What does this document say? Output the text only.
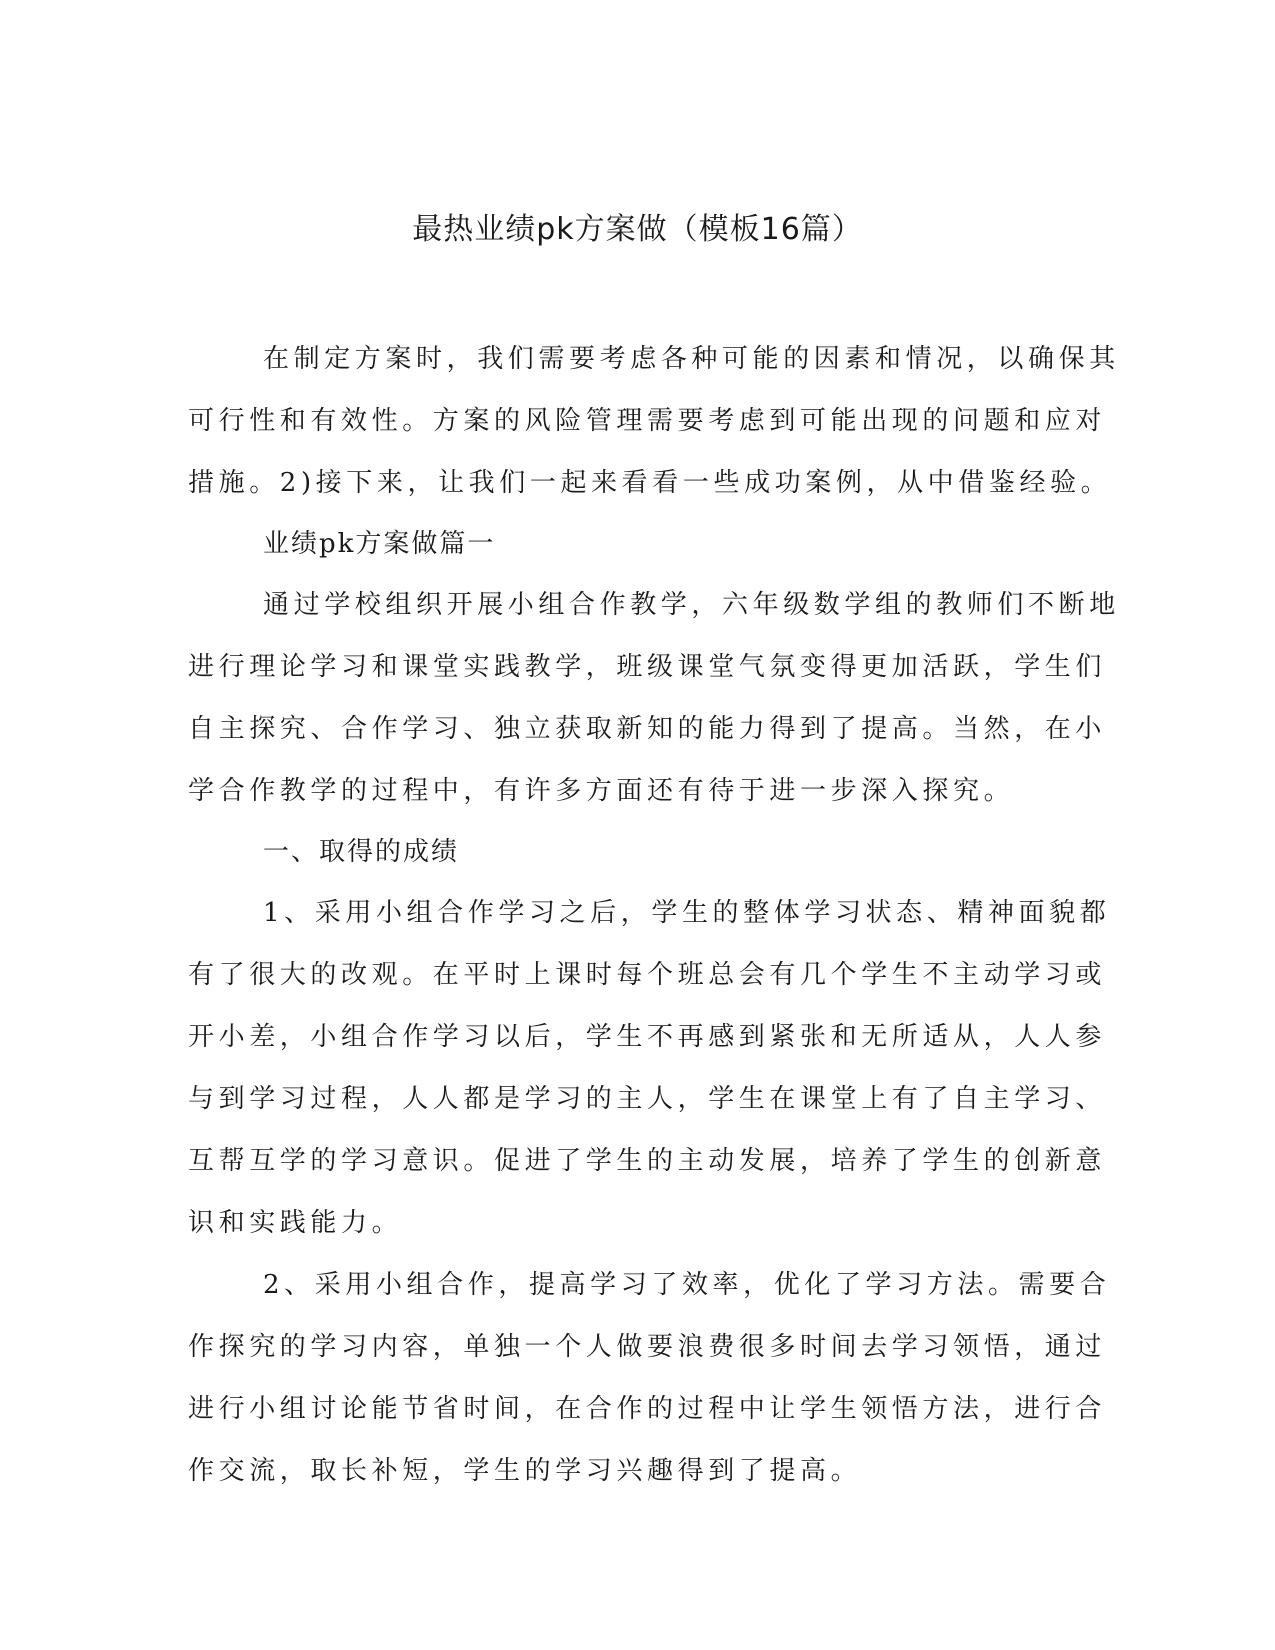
最热业绩pk方案做（模板16篇）
在制定方案时，我们需要考虑各种可能的因素和情况，以确保其
可行性和有效性。方案的风险管理需要考虑到可能出现的问题和应对
措施。2)接下来，让我们一起来看看一些成功案例，从中借鉴经验。
业绩pk方案做篇一
通过学校组织开展小组合作教学，六年级数学组的教师们不断地
进行理论学习和课堂实践教学，班级课堂气氛变得更加活跃，学生们
自主探究、合作学习、独立获取新知的能力得到了提高。当然，在小
学合作教学的过程中，有许多方面还有待于进一步深入探究。
一、取得的成绩
1、采用小组合作学习之后，学生的整体学习状态、精神面貌都
有了很大的改观。在平时上课时每个班总会有几个学生不主动学习或
开小差，小组合作学习以后，学生不再感到紧张和无所适从，人人参
与到学习过程，人人都是学习的主人，学生在课堂上有了自主学习、
互帮互学的学习意识。促进了学生的主动发展，培养了学生的创新意
识和实践能力。
2、采用小组合作，提高学习了效率，优化了学习方法。需要合
作探究的学习内容，单独一个人做要浪费很多时间去学习领悟，通过
进行小组讨论能节省时间，在合作的过程中让学生领悟方法，进行合
作交流，取长补短，学生的学习兴趣得到了提高。
